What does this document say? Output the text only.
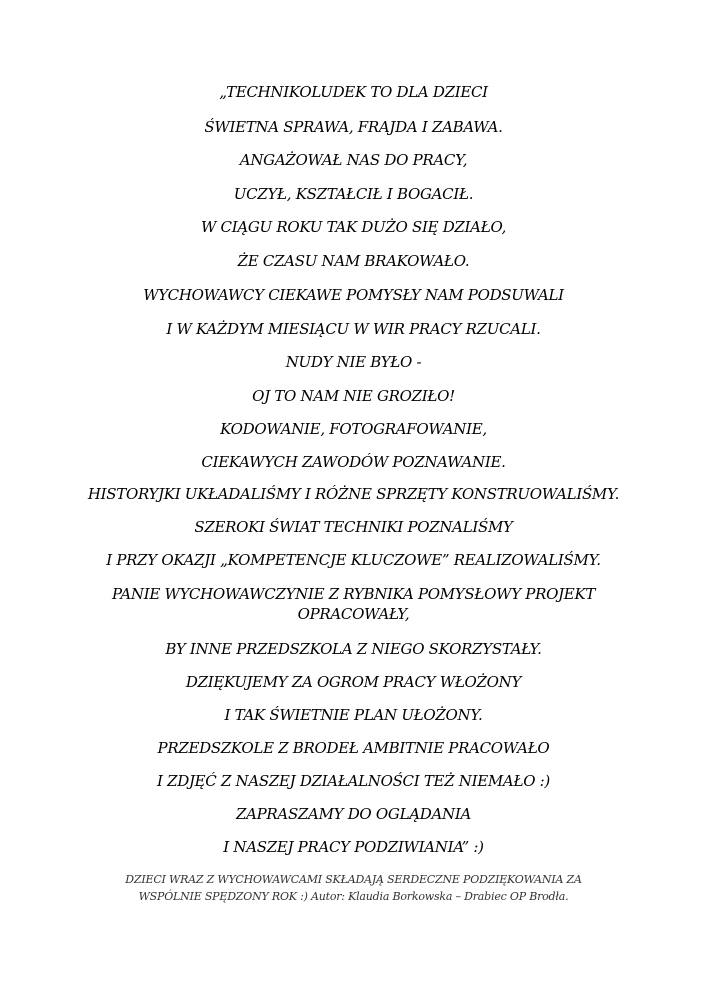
„TECHNIKOLUDEK TO DLA DZIECI
ŚWIETNA SPRAWA, FRAJDA I ZABAWA.
ANGAŻOWAŁ NAS DO PRACY,
UCZYŁ, KSZTAŁCIŁ I BOGACIŁ.
W CIĄGU ROKU TAK DUŻO SIĘ DZIAŁO,
ŻE CZASU NAM BRAKOWAŁO.
WYCHOWAWCY CIEKAWE POMYSŁY NAM PODSUWALI
I W KAŻDYM MIESIĄCU W WIR PRACY RZUCALI.
NUDY NIE BYŁO -
OJ TO NAM NIE GROZIŁO!
KODOWANIE, FOTOGRAFOWANIE,
CIEKAWYCH ZAWODÓW POZNAWANIE.
HISTORYJKI UKŁADALIŚMY I RÓŻNE SPRZĘTY KONSTRUOWALIŚMY.
SZEROKI ŚWIAT TECHNIKI POZNALIŚMY
I PRZY OKAZJI „KOMPETENCJE KLUCZOWE” REALIZOWALIŚMY.
PANIE WYCHOWAWCZYNIE Z RYBNIKA POMYSŁOWY PROJEKT
OPRACOWAŁY,
BY INNE PRZEDSZKOLA Z NIEGO SKORZYSTAŁY.
DZIĘKUJEMY ZA OGROM PRACY WŁOŻONY
I TAK ŚWIETNIE PLAN UŁOŻONY.
PRZEDSZKOLE Z BRODEŁ AMBITNIE PRACOWAŁO
I ZDJĘĆ Z NASZEJ DZIAŁALNOŚCI TEŻ NIEMAŁO :)
ZAPRASZAMY DO OGLĄDANIA
I NASZEJ PRACY PODZIWIANIA” :)
DZIECI WRAZ Z WYCHOWAWCAMI SKŁADAJĄ SERDECZNE PODZIĘKOWANIA ZA
WSPÓLNIE SPĘDZONY ROK :) Autor: Klaudia Borkowska – Drabiec OP Brodła.
